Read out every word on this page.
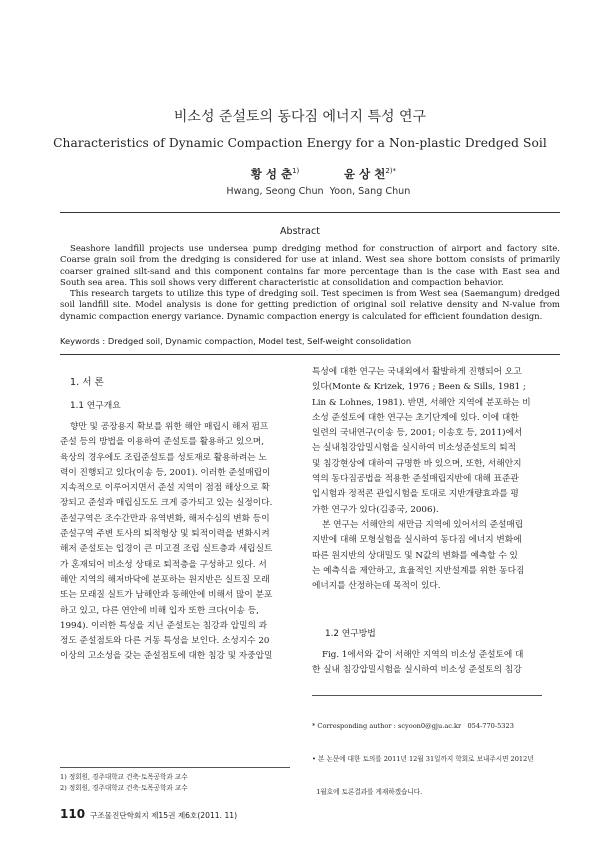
비소성 준설토의 동다짐 에너지 특성 연구
Characteristics of Dynamic Compaction Energy for a Non-plastic Dredged Soil
황 성 춘$^{1)}$
Hwang, Seong Chun
윤 상 천$^{2)*}$
Yoon, Sang Chun
Abstract

Seashore landfill projects use undersea pump dredging method for construction of airport and factory site. Coarse grain soil from the dredging is considered for use at inland. West sea shore bottom consists of primarily coarser grained silt-sand and this component contains far more percentage than is the case with East sea and South sea area. This soil shows very different characteristic at consolidation and compaction behavior.

This research targets to utilize this type of dredging soil. Test specimen is from West sea (Saemangum) dredged soil landfill site. Model analysis is done for getting prediction of original soil relative density and N-value from dynamic compaction energy variance. Dynamic compaction energy is calculated for efficient foundation design.

Keywords : Dredged soil, Dynamic compaction, Model test, Self-weight consolidation
1. 서 론
1.1 연구개요

향만 및 공장용지 확보를 위한 해안 매립시 해저 펌프

준설 등의 방법을 이용하여 준설토를 활용하고 있으며,

육상의 경우에도 조립준설토를 성토재로 활용하려는 노

력이 진행되고 있다(이송 등, 2001). 이러한 준설매립이

지속적으로 이루어지면서 준설 지역이 점점 해상으로 확

장되고 준설과 매립심도도 크게 증가되고 있는 실정이다.

준설구역은 조수간만과 유역변화, 해저수심의 변화 등이

준설구역 주변 토사의 퇴적형상 및 퇴적이력을 변화시켜

해저 준설토는 입경이 큰 미고결 조립 실트층과 세립실트

가 혼재되어 비소성 상태로 퇴적층을 구성하고 있다. 서

해안 지역의 해저바닥에 분포하는 원지반은 실트질 모래

또는 모래질 실트가 남해안과 동해안에 비해서 많이 분포

하고 있고, 다른 연안에 비해 입자 또한 크다(이송 등,

1994). 이러한 특성을 지닌 준설토는 침강과 압밀의 과

정도 준설점토와 다른 거동 특성을 보인다. 소성지수 20

이상의 고소성을 갖는 준설점토에 대한 침강 및 자중압밀

1) 정회원, 경주대학교 건축·토목공학과 교수
2) 정회원, 경주대학교 건축·토목공학과 교수

특성에 대한 연구는 국내외에서 활발하게 진행되어 오고

있다(Monte & Krizek, 1976 ; Been & Sills, 1981 ;

Lin & Lohnes, 1981). 반면, 서해안 지역에 분포하는 비

소성 준설토에 대한 연구는 초기단계에 있다. 이에 대한

일련의 국내연구(이송 등, 2001; 이송호 등, 2011)에서

는 실내침강압밀시험을 실시하여 비소성준설토의 퇴적

및 침강현상에 대하여 규명한 바 있으며, 또한, 서해안지

역의 동다짐공법을 적용한 준설매립지반에 대해 표준관

입시험과 정적콘 관입시험을 토대로 지반개량효과를 평

가한 연구가 있다(김종국, 2006).

본 연구는 서해안의 새만금 지역에 있어서의 준설매립

지반에 대해 모형실험을 실시하여 동다짐 에너지 변화에

따른 원지반의 상대밀도 및 N값의 변화를 예측할 수 있

는 예측식을 제안하고, 효율적인 지반설계를 위한 동다짐

에너지를 산정하는데 목적이 있다.

1.2 연구방법

Fig. 1에서와 같이 서해안 지역의 비소성 준설토에 대

한 실내 침강압밀시험을 실시하여 비소성 준설토의 침강

* Corresponding author : scyoon0@gju.ac.kr   054-770-5323

• 본 논문에 대한 토의를 2011년 12월 31일까지 학회로 보내주시면 2012년

1월호에 토론결과를 게재하겠습니다.

110 구조물진단학회지 제15권 제6호(2011. 11)
